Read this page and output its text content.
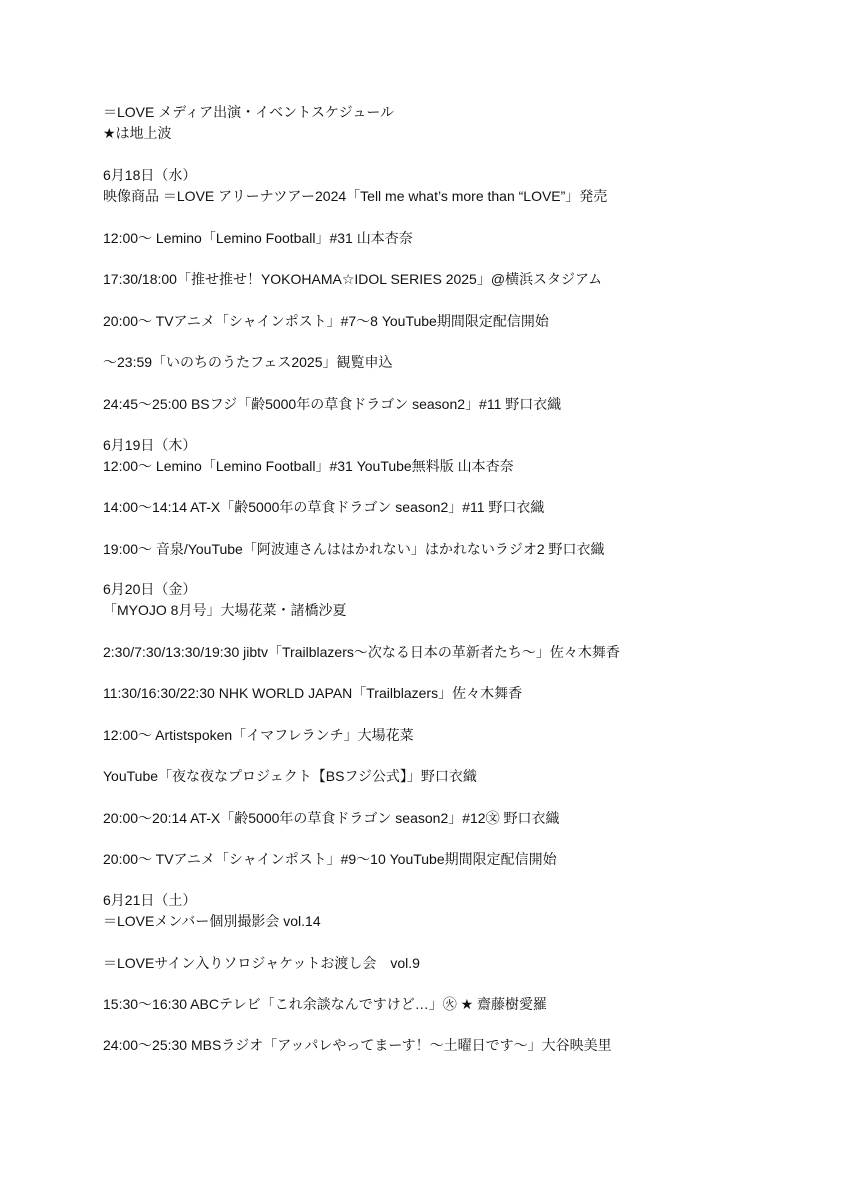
＝LOVE メディア出演・イベントスケジュール
★は地上波
6月18日（水）
映像商品 ＝LOVE アリーナツアー2024「Tell me what’s more than “LOVE”」発売
12:00～ Lemino「Lemino Football」#31 山本杏奈
17:30/18:00「推せ推せ！YOKOHAMA☆IDOL SERIES 2025」@横浜スタジアム
20:00～ TVアニメ「シャインポスト」#7～8 YouTube期間限定配信開始
～23:59「いのちのうたフェス2025」観覧申込
24:45～25:00 BSフジ「齢5000年の草食ドラゴン season2」#11 野口衣織
6月19日（木）
12:00～ Lemino「Lemino Football」#31 YouTube無料版 山本杏奈
14:00～14:14 AT-X「齢5000年の草食ドラゴン season2」#11 野口衣織
19:00～ 音泉/YouTube「阿波連さんははかれない」はかれないラジオ2 野口衣織
6月20日（金）
「MYOJO 8月号」大場花菜・諸橋沙夏
2:30/7:30/13:30/19:30 jibtv「Trailblazers～次なる日本の革新者たち～」佐々木舞香
11:30/16:30/22:30 NHK WORLD JAPAN「Trailblazers」佐々木舞香
12:00～ Artistspoken「イマフレランチ」大場花菜
YouTube「夜な夜なプロジェクト【BSフジ公式】」野口衣織
20:00～20:14 AT-X「齢5000年の草食ドラゴン season2」#12㉆ 野口衣織
20:00～ TVアニメ「シャインポスト」#9～10 YouTube期間限定配信開始
6月21日（土）
＝LOVEメンバー個別撮影会 vol.14
＝LOVEサイン入りソロジャケットお渡し会　vol.9
15:30～16:30 ABCテレビ「これ余談なんですけど…」㊋ ★ 齋藤樹愛羅
24:00～25:30 MBSラジオ「アッパレやってまーす！～土曜日です～」大谷映美里
